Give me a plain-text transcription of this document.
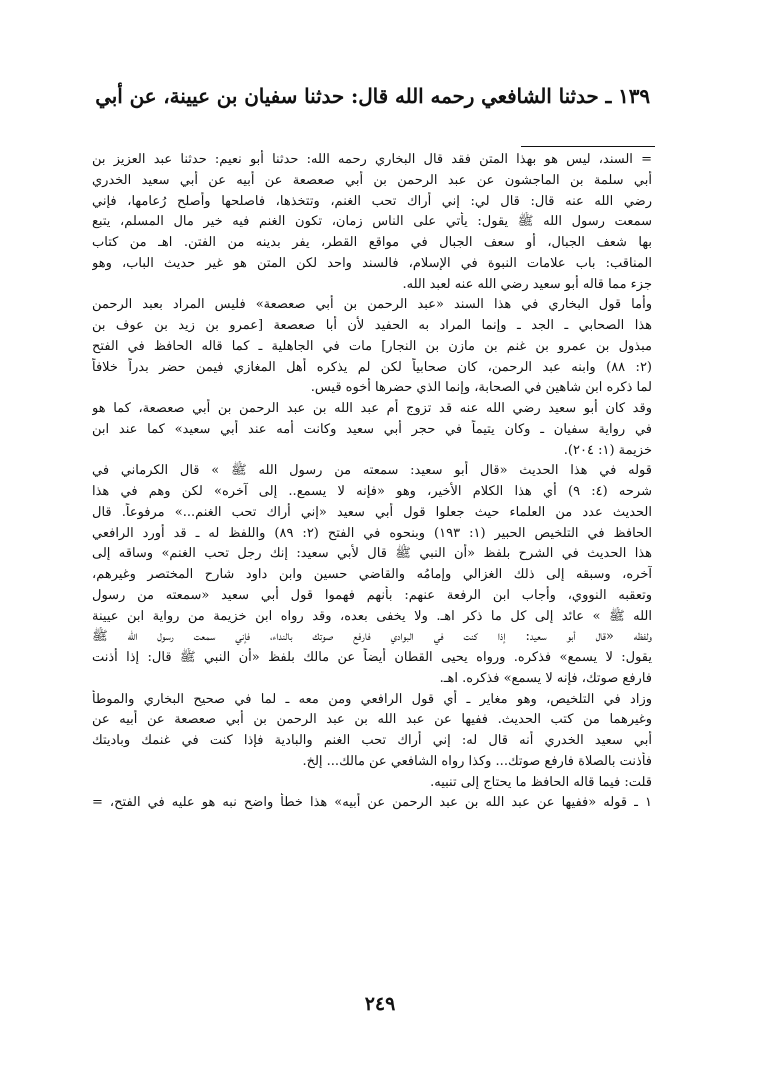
١٣٩ ـ حدثنا الشافعي رحمه الله قال: حدثنا سفيان بن عيينة، عن أبي
= السند، ليس هو بهذا المتن فقد قال البخاري رحمه الله: حدثنا أبو نعيم: حدثنا عبد العزيز بن
أبي سلمة بن الماجشون عن عبد الرحمن بن أبي صعصعة عن أبيه عن أبي سعيد الخدري
رضي الله عنه قال: قال لي: إني أراك تحب الغنم، وتتخذها، فاصلحها وأصلح رُعامها، فإني
سمعت رسول الله ﷺ يقول: يأتي على الناس زمان، تكون الغنم فيه خير مال المسلم، يتبع
بها شعف الجبال، أو سعف الجبال في مواقع القطر، يفر بدينه من الفتن. اهـ من كتاب
المناقب: باب علامات النبوة في الإسلام، فالسند واحد لكن المتن هو غير حديث الباب، وهو
جزء مما قاله أبو سعيد رضي الله عنه لعبد الله.
وأما قول البخاري في هذا السند «عبد الرحمن بن أبي صعصعة» فليس المراد بعبد الرحمن
هذا الصحابي ـ الجد ـ وإنما المراد به الحفيد لأن أبا صعصعة [عمرو بن زيد بن عوف بن
مبذول بن عمرو بن غنم بن مازن بن النجار] مات في الجاهلية ـ كما قاله الحافظ في الفتح
(٢: ٨٨) وابنه عبد الرحمن، كان صحابياً لكن لم يذكره أهل المغازي فيمن حضر بدراً خلافاً
لما ذكره ابن شاهين في الصحابة، وإنما الذي حضرها أخوه قيس.
وقد كان أبو سعيد رضي الله عنه قد تزوج أم عبد الله بن عبد الرحمن بن أبي صعصعة، كما هو
في رواية سفيان ـ وكان يتيماً في حجر أبي سعيد وكانت أمه عند أبي سعيد» كما عند ابن
خزيمة (١: ٢٠٤).
قوله في هذا الحديث «قال أبو سعيد: سمعته من رسول الله ﷺ » قال الكرماني في
شرحه (٤: ٩) أي هذا الكلام الأخير، وهو «فإنه لا يسمع.. إلى آخره» لكن وهم في هذا
الحديث عدد من العلماء حيث جعلوا قول أبي سعيد «إني أراك تحب الغنم...» مرفوعاً. قال
الحافظ في التلخيص الحبير (١: ١٩٣) وبنحوه في الفتح (٢: ٨٩) واللفظ له ـ قد أورد الرافعي
هذا الحديث في الشرح بلفظ «أن النبي ﷺ قال لأبي سعيد: إنك رجل تحب الغنم» وساقه إلى
آخره، وسبقه إلى ذلك الغزالي وإمامُه والقاضي حسين وابن داود شارح المختصر وغيرهم،
وتعقبه النووي، وأجاب ابن الرفعة عنهم: بأنهم فهموا قول أبي سعيد «سمعته من رسول
الله ﷺ » عائد إلى كل ما ذكر اهـ. ولا يخفى بعده، وقد رواه ابن خزيمة من رواية ابن عيينة
ولفظه «قال أبو سعيد: إذا كنت في البوادي فارفع صوتك بالنداء، فإني سمعت رسول الله ﷺ
يقول: لا يسمع» فذكره. ورواه يحيى القطان أيضاً عن مالك بلفظ «أن النبي ﷺ قال: إذا أذنت
فارفع صوتك، فإنه لا يسمع» فذكره. اهـ.
وزاد في التلخيص، وهو مغاير ـ أي قول الرافعي ومن معه ـ لما في صحيح البخاري والموطأ
وغيرهما من كتب الحديث. ففيها عن عبد الله بن عبد الرحمن بن أبي صعصعة عن أبيه عن
أبي سعيد الخدري أنه قال له: إني أراك تحب الغنم والبادية فإذا كنت في غنمك وباديتك
فأذنت بالصلاة فارفع صوتك... وكذا رواه الشافعي عن مالك... إلخ.
قلت: فيما قاله الحافظ ما يحتاج إلى تنبيه.
١ ـ قوله «ففيها عن عبد الله بن عبد الرحمن عن أبيه» هذا خطأ واضح نبه هو عليه في الفتح، =
٢٤٩
